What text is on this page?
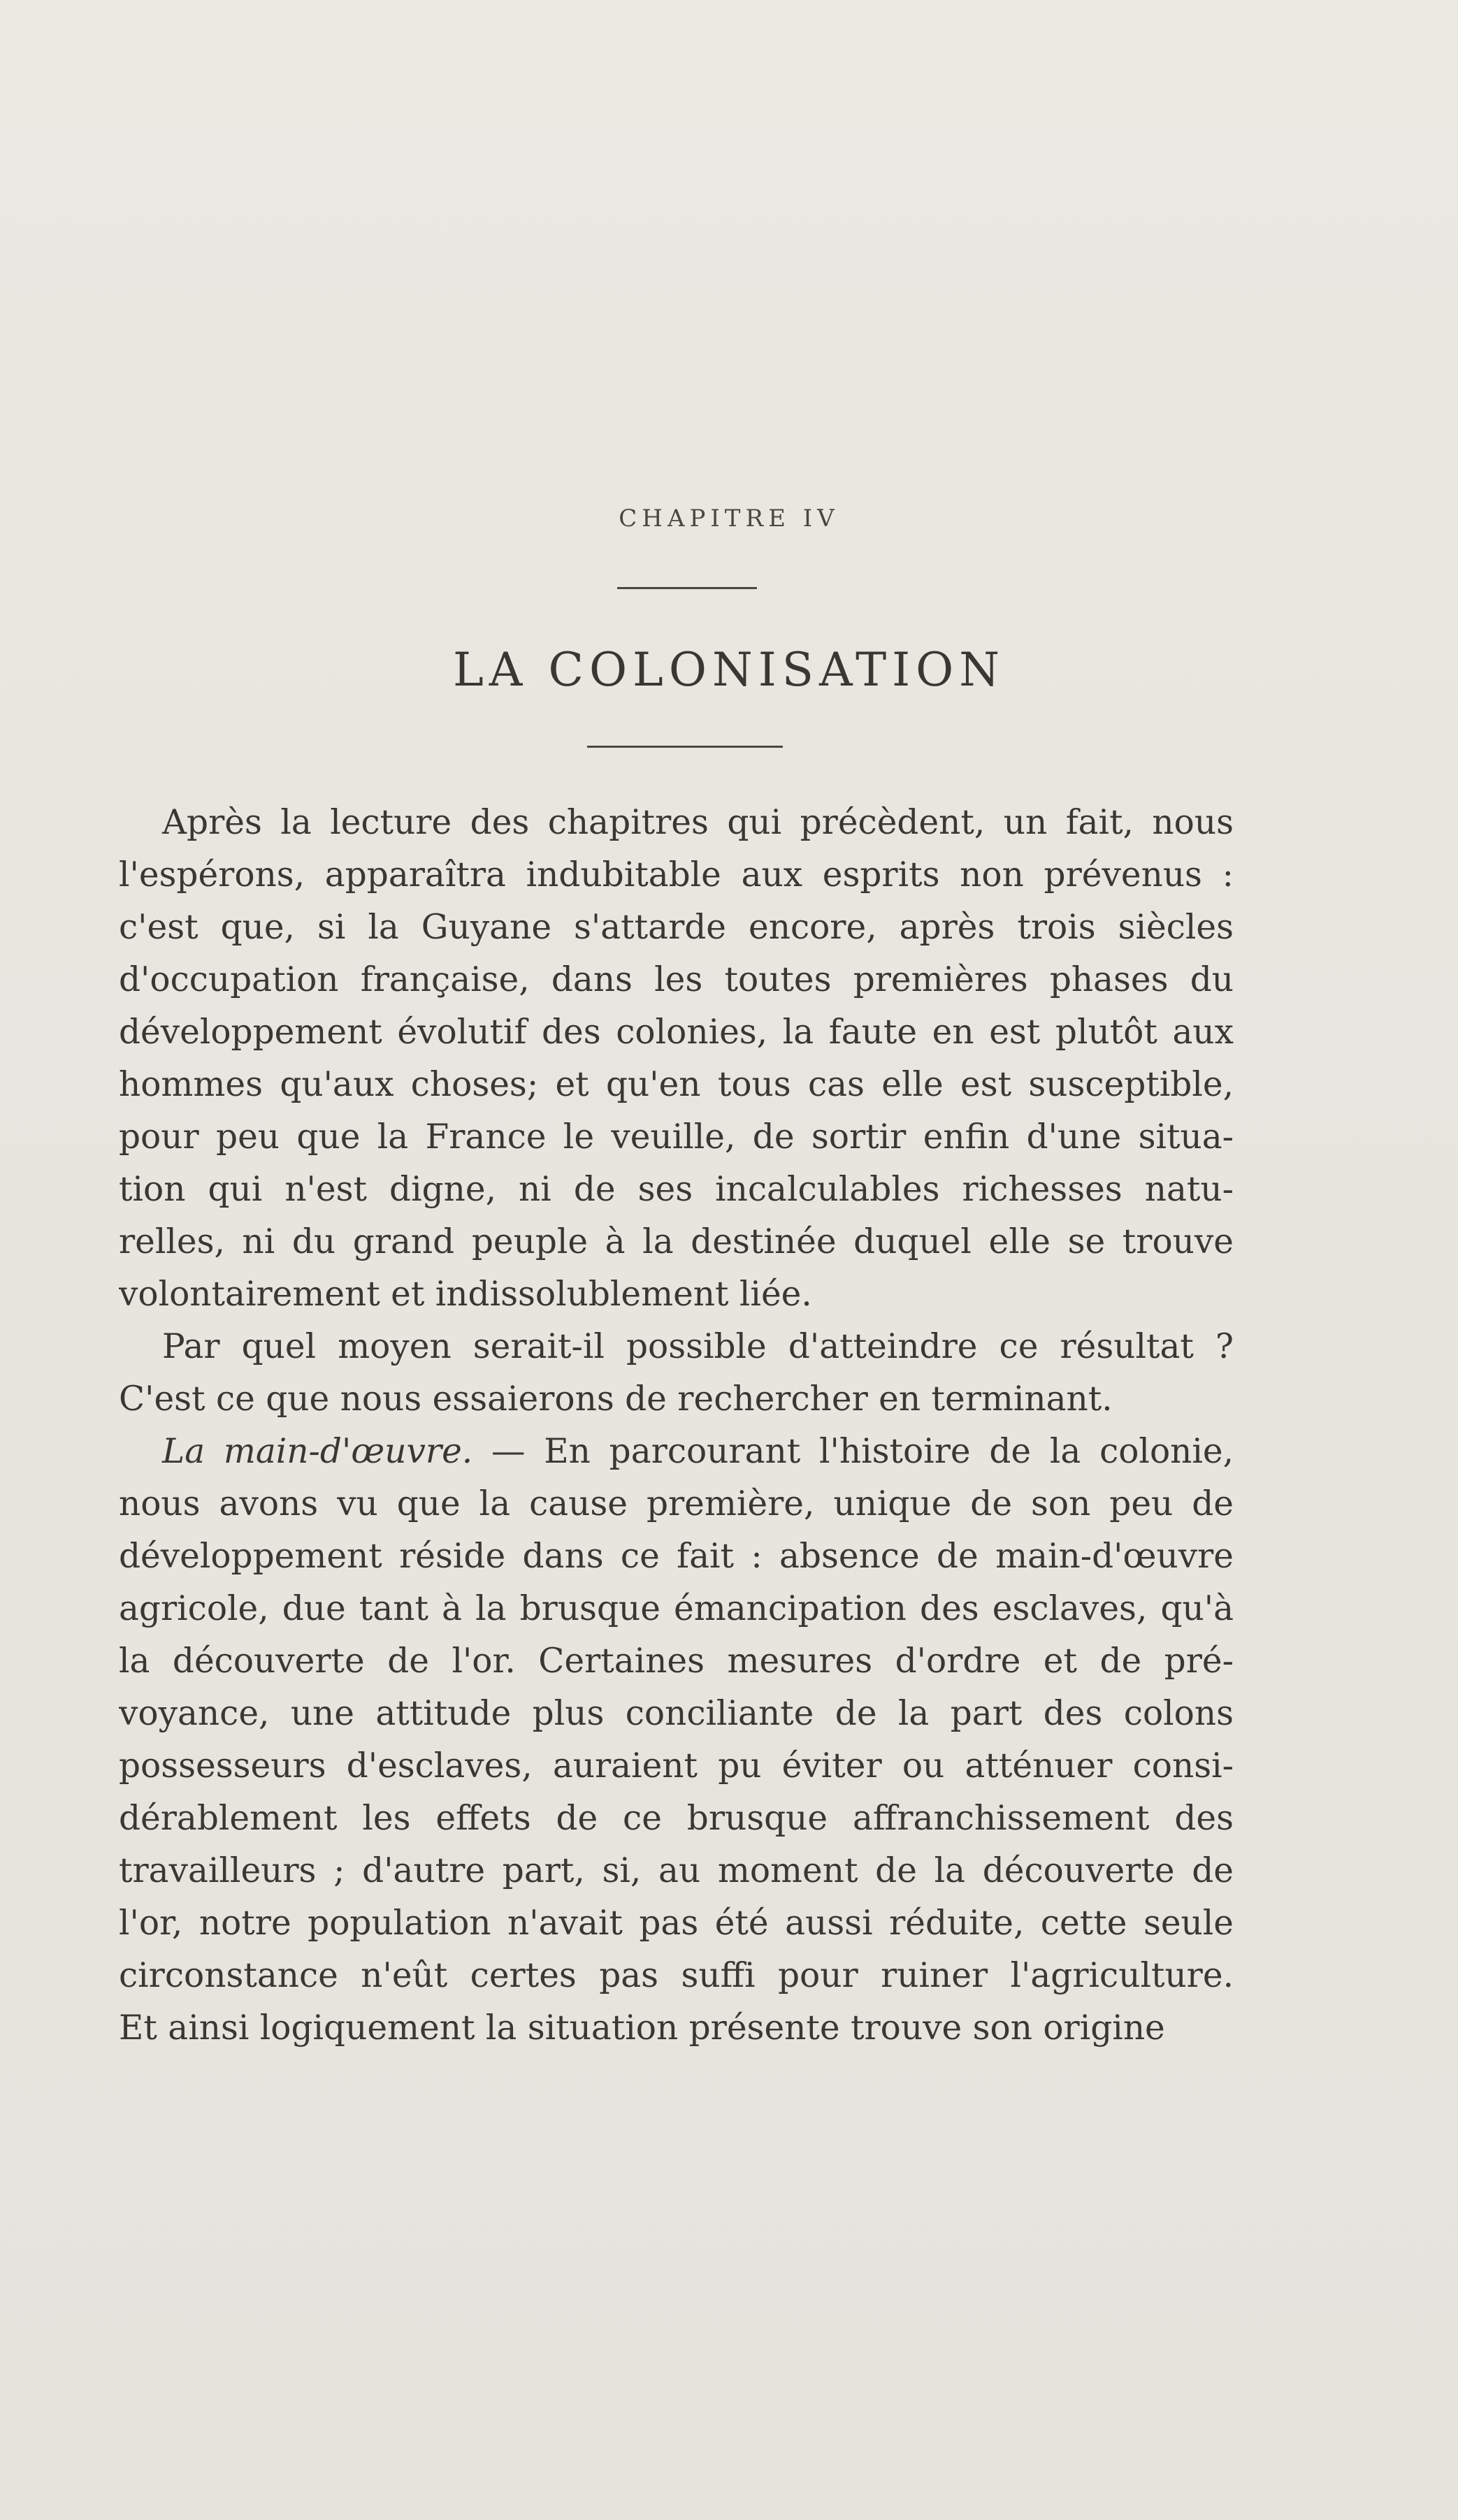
CHAPITRE IV
LA COLONISATION
Après la lecture des chapitres qui précèdent, un fait, nous
l'espérons, apparaîtra indubitable aux esprits non prévenus :
c'est que, si la Guyane s'attarde encore, après trois siècles
d'occupation française, dans les toutes premières phases du
développement évolutif des colonies, la faute en est plutôt aux
hommes qu'aux choses; et qu'en tous cas elle est susceptible,
pour peu que la France le veuille, de sortir enfin d'une situa-
tion qui n'est digne, ni de ses incalculables richesses natu-
relles, ni du grand peuple à la destinée duquel elle se trouve
volontairement et indissolublement liée.
Par quel moyen serait-il possible d'atteindre ce résultat ?
C'est ce que nous essaierons de rechercher en terminant.
La main-d'œuvre. — En parcourant l'histoire de la colonie,
nous avons vu que la cause première, unique de son peu de
développement réside dans ce fait : absence de main-d'œuvre
agricole, due tant à la brusque émancipation des esclaves, qu'à
la découverte de l'or. Certaines mesures d'ordre et de pré-
voyance, une attitude plus conciliante de la part des colons
possesseurs d'esclaves, auraient pu éviter ou atténuer consi-
dérablement les effets de ce brusque affranchissement des
travailleurs ; d'autre part, si, au moment de la découverte de
l'or, notre population n'avait pas été aussi réduite, cette seule
circonstance n'eût certes pas suffi pour ruiner l'agriculture.
Et ainsi logiquement la situation présente trouve son origine
